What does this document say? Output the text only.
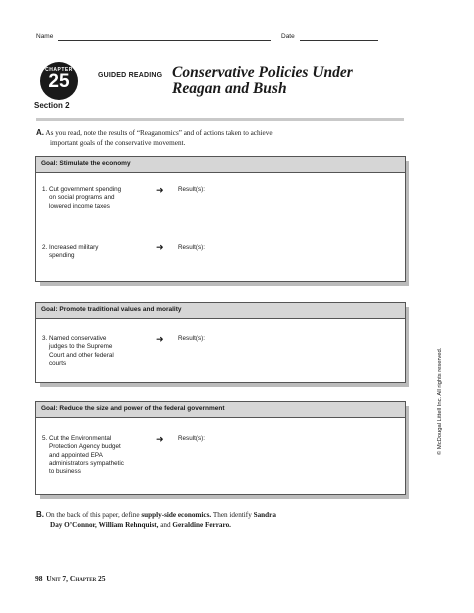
Name	Date
CHAPTER
25
Section 2
GUIDED READING Conservative Policies Under
Reagan and Bush
A. As you read, note the results of “Reaganomics” and of actions taken to achieve
important goals of the conservative movement.
Goal: Stimulate the economy
1. Cut government spending
on social programs and
lowered income taxes
➜ Result(s):
2. Increased military
spending
➜ Result(s):
Goal: Promote traditional values and morality
3. Named conservative
judges to the Supreme
Court and other federal
courts
➜ Result(s):
Goal: Reduce the size and power of the federal government
5. Cut the Environmental
Protection Agency budget
and appointed EPA
administrators sympathetic
to business
➜ Result(s):
B. On the back of this paper, define supply-side economics. Then identify Sandra
Day O’Connor, William Rehnquist, and Geraldine Ferraro.
98 Unit 7, Chapter 25
© McDougal Littell Inc. All rights reserved.
